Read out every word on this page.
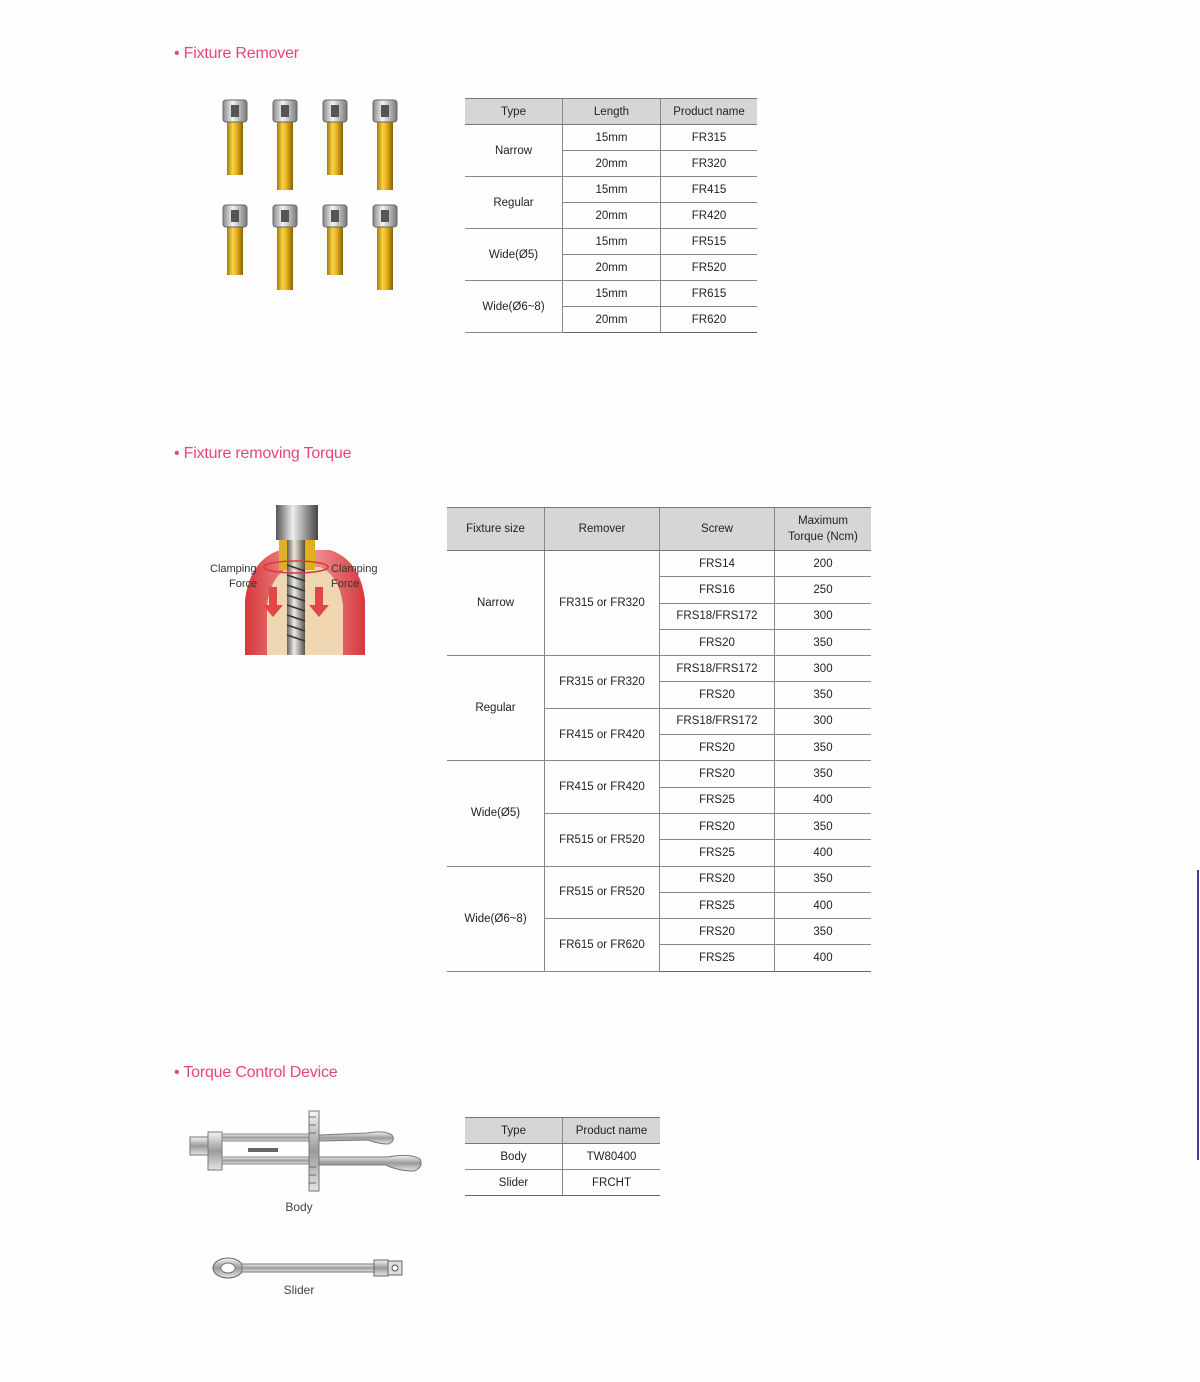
• Fixture Remover
Type	Length	Product name
Narrow	15mm	FR315
	20mm	FR320
Regular	15mm	FR415
	20mm	FR420
Wide(Ø5)	15mm	FR515
	20mm	FR520
Wide(Ø6~8)	15mm	FR615
	20mm	FR620
• Fixture removing Torque
Clamping
Force
Clamping
Force
Fixture size	Remover	Screw	Maximum
Torque (Ncm)
Narrow	FR315 or FR320	FRS14	200
		FRS16	250
		FRS18/FRS172	300
		FRS20	350
Regular	FR315 or FR320	FRS18/FRS172	300
		FRS20	350
	FR415 or FR420	FRS18/FRS172	300
		FRS20	350
Wide(Ø5)	FR415 or FR420	FRS20	350
		FRS25	400
	FR515 or FR520	FRS20	350
		FRS25	400
Wide(Ø6~8)	FR515 or FR520	FRS20	350
		FRS25	400
	FR615 or FR620	FRS20	350
		FRS25	400
• Torque Control Device
Body
Slider
Type	Product name
Body	TW80400
Slider	FRCHT
